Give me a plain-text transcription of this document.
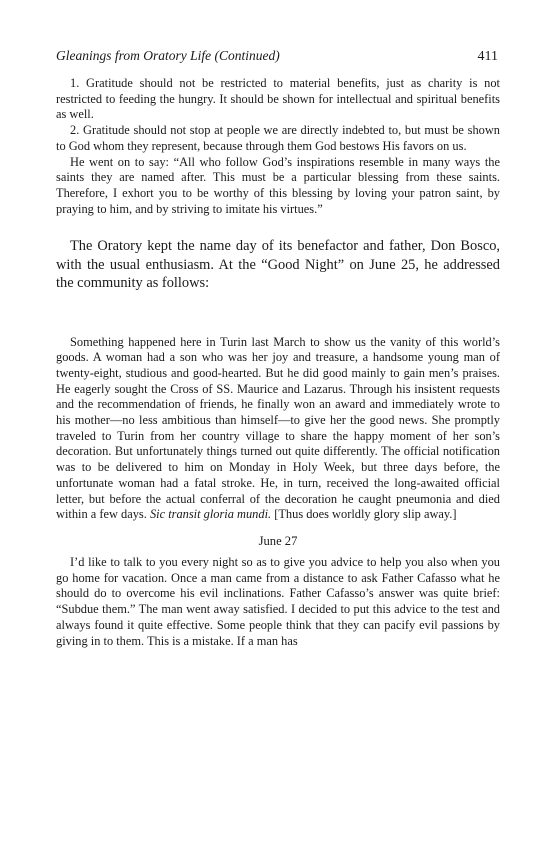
Gleanings from Oratory Life (Continued)	411

1. Gratitude should not be restricted to material benefits, just as charity is not restricted to feeding the hungry. It should be shown for intellectual and spiritual benefits as well.

2. Gratitude should not stop at people we are directly indebted to, but must be shown to God whom they represent, because through them God bestows His favors on us.

He went on to say: “All who follow God’s inspirations resemble in many ways the saints they are named after. This must be a particular blessing from these saints. Therefore, I exhort you to be worthy of this blessing by loving your patron saint, by praying to him, and by striving to imitate his virtues.”

The Oratory kept the name day of its benefactor and father, Don Bosco, with the usual enthusiasm. At the “Good Night” on June 25, he addressed the community as follows:

Something happened here in Turin last March to show us the vanity of this world’s goods. A woman had a son who was her joy and treasure, a handsome young man of twenty-eight, studious and good-hearted. But he did good mainly to gain men’s praises. He eagerly sought the Cross of SS. Maurice and Lazarus. Through his insistent requests and the recommendation of friends, he finally won an award and immediately wrote to his mother—no less ambitious than himself—to give her the good news. She promptly traveled to Turin from her country village to share the happy moment of her son’s decoration. But unfortunately things turned out quite differently. The official notification was to be delivered to him on Monday in Holy Week, but three days before, the unfortunate woman had a fatal stroke. He, in turn, received the long-awaited official letter, but before the actual conferral of the decoration he caught pneumonia and died within a few days. Sic transit gloria mundi. [Thus does worldly glory slip away.]

June 27

I’d like to talk to you every night so as to give you advice to help you also when you go home for vacation. Once a man came from a distance to ask Father Cafasso what he should do to overcome his evil inclinations. Father Cafasso’s answer was quite brief: “Subdue them.” The man went away satisfied. I decided to put this advice to the test and always found it quite effective. Some people think that they can pacify evil passions by giving in to them. This is a mistake. If a man has
